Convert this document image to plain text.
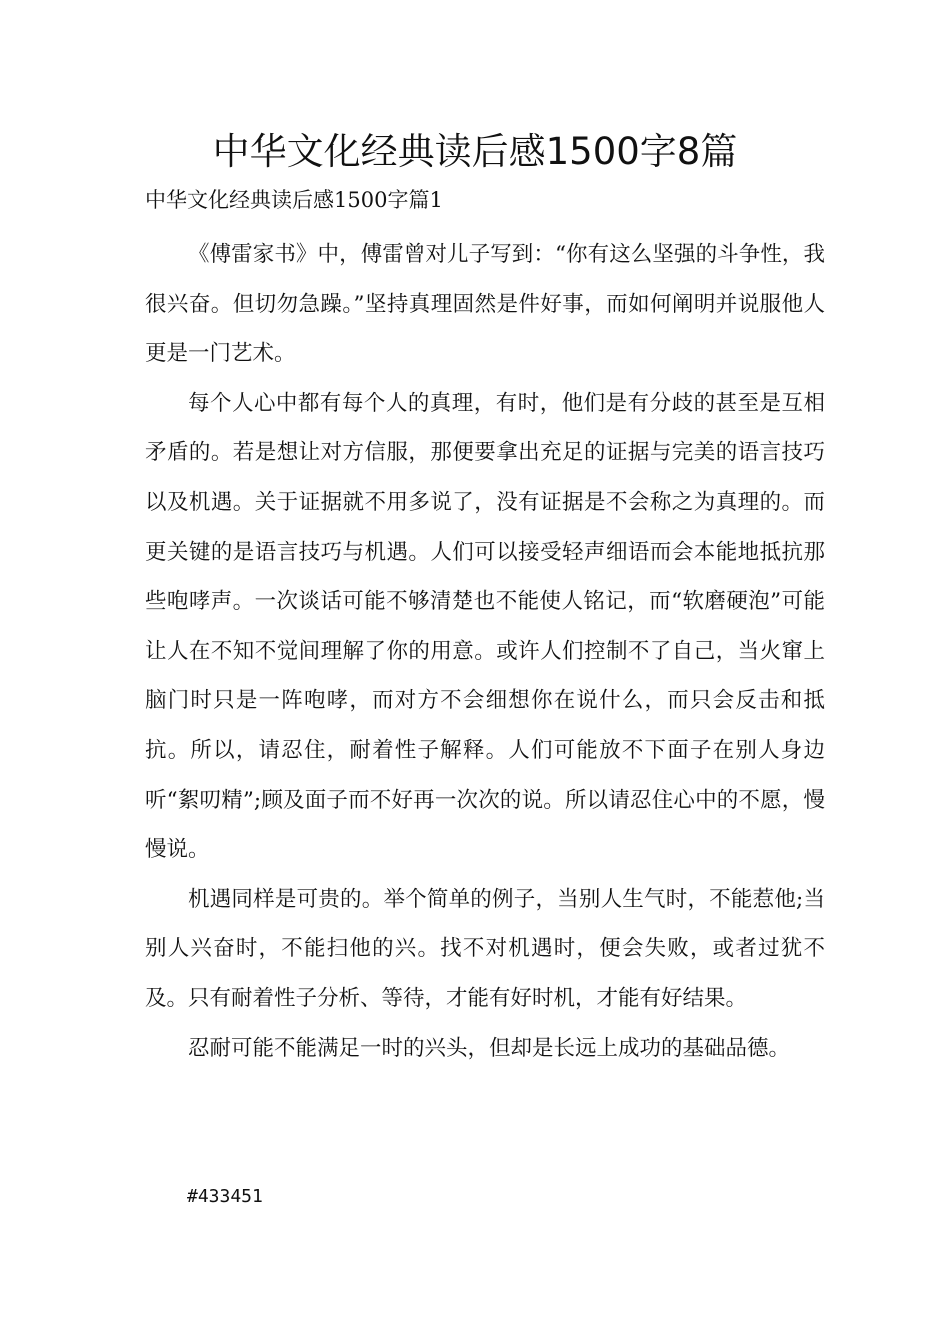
中华文化经典读后感1500字8篇
中华文化经典读后感1500字篇1

《傅雷家书》中，傅雷曾对儿子写到：“你有这么坚强的斗争性，我很兴奋。但切勿急躁。”坚持真理固然是件好事，而如何阐明并说服他人更是一门艺术。

每个人心中都有每个人的真理，有时，他们是有分歧的甚至是互相矛盾的。若是想让对方信服，那便要拿出充足的证据与完美的语言技巧以及机遇。关于证据就不用多说了，没有证据是不会称之为真理的。而更关键的是语言技巧与机遇。人们可以接受轻声细语而会本能地抵抗那些咆哮声。一次谈话可能不够清楚也不能使人铭记，而“软磨硬泡”可能让人在不知不觉间理解了你的用意。或许人们控制不了自己，当火窜上脑门时只是一阵咆哮，而对方不会细想你在说什么，而只会反击和抵抗。所以，请忍住，耐着性子解释。人们可能放不下面子在别人身边听“絮叨精”;顾及面子而不好再一次次的说。所以请忍住心中的不愿，慢慢说。

机遇同样是可贵的。举个简单的例子，当别人生气时，不能惹他;当别人兴奋时，不能扫他的兴。找不对机遇时，便会失败，或者过犹不及。只有耐着性子分析、等待，才能有好时机，才能有好结果。

忍耐可能不能满足一时的兴头，但却是长远上成功的基础品德。

#433451
